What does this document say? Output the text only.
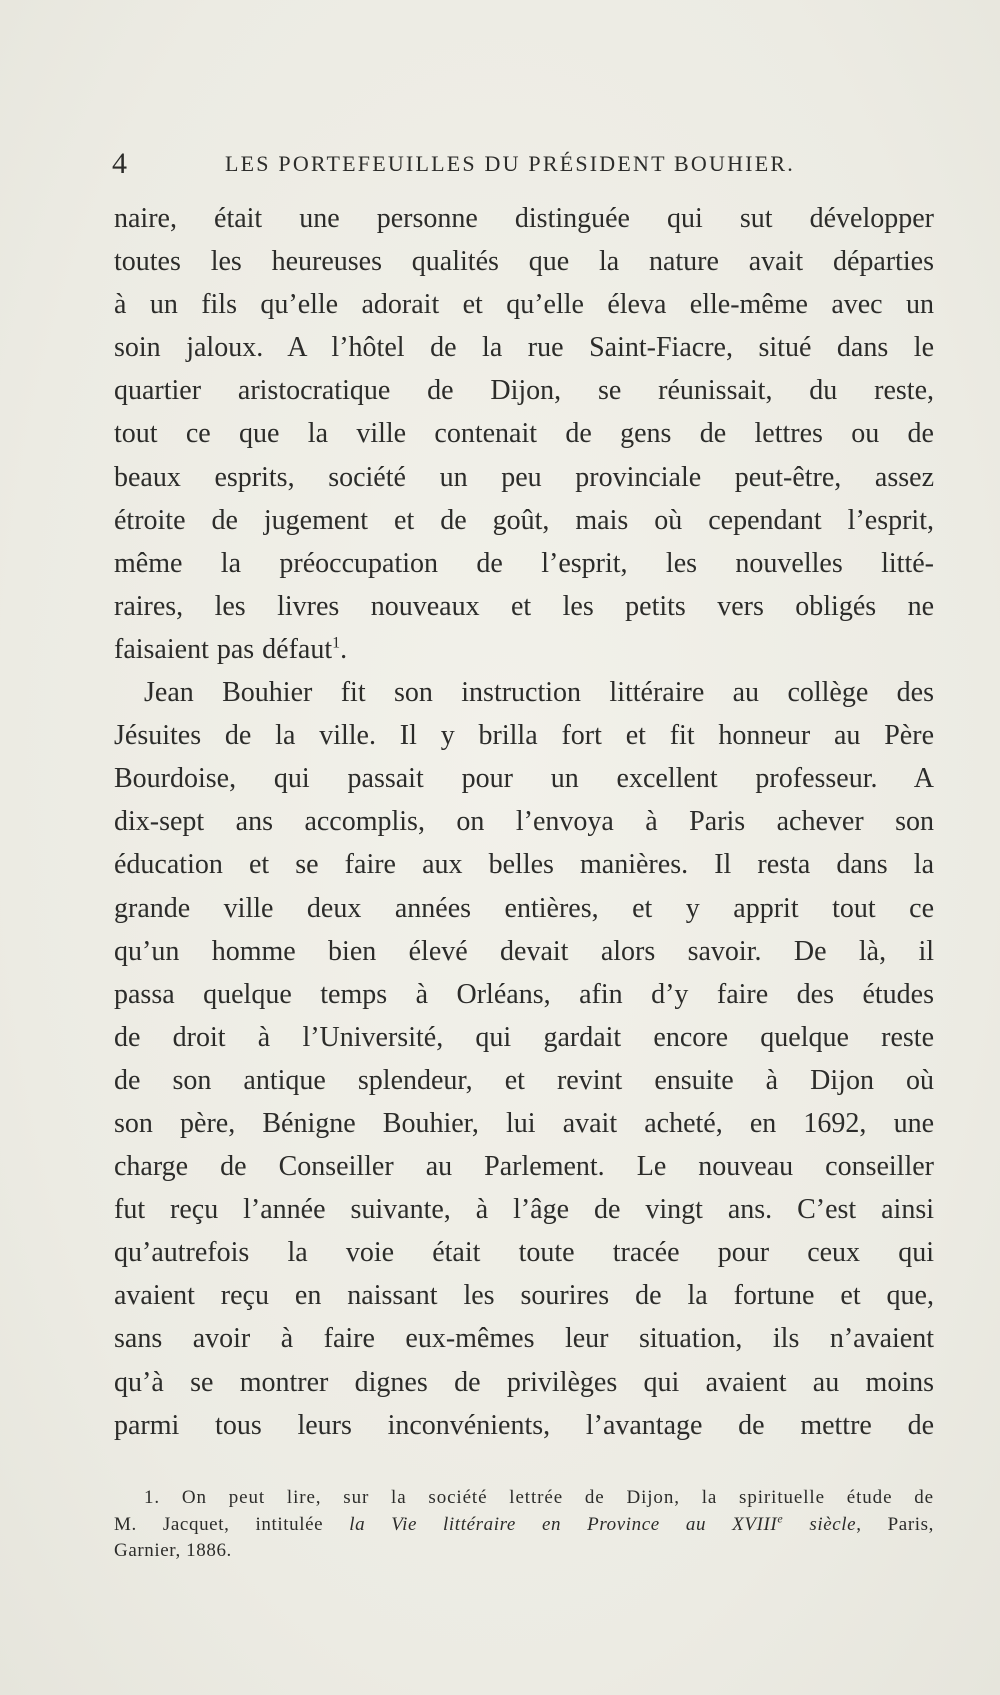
4	LES PORTEFEUILLES DU PRÉSIDENT BOUHIER.
naire, était une personne distinguée qui sut développer
toutes les heureuses qualités que la nature avait départies
à un fils qu’elle adorait et qu’elle éleva elle-même avec un
soin jaloux. A l’hôtel de la rue Saint-Fiacre, situé dans le
quartier aristocratique de Dijon, se réunissait, du reste,
tout ce que la ville contenait de gens de lettres ou de
beaux esprits, société un peu provinciale peut-être, assez
étroite de jugement et de goût, mais où cependant l’esprit,
même la préoccupation de l’esprit, les nouvelles litté-
raires, les livres nouveaux et les petits vers obligés ne
faisaient pas défaut$^1$.
Jean Bouhier fit son instruction littéraire au collège des
Jésuites de la ville. Il y brilla fort et fit honneur au Père
Bourdoise, qui passait pour un excellent professeur. A
dix-sept ans accomplis, on l’envoya à Paris achever son
éducation et se faire aux belles manières. Il resta dans la
grande ville deux années entières, et y apprit tout ce
qu’un homme bien élevé devait alors savoir. De là, il
passa quelque temps à Orléans, afin d’y faire des études
de droit à l’Université, qui gardait encore quelque reste
de son antique splendeur, et revint ensuite à Dijon où
son père, Bénigne Bouhier, lui avait acheté, en 1692, une
charge de Conseiller au Parlement. Le nouveau conseiller
fut reçu l’année suivante, à l’âge de vingt ans. C’est ainsi
qu’autrefois la voie était toute tracée pour ceux qui
avaient reçu en naissant les sourires de la fortune et que,
sans avoir à faire eux-mêmes leur situation, ils n’avaient
qu’à se montrer dignes de privilèges qui avaient au moins
parmi tous leurs inconvénients, l’avantage de mettre de
1. On peut lire, sur la société lettrée de Dijon, la spirituelle étude de
M. Jacquet, intitulée la Vie littéraire en Province au XVIIIe siècle, Paris,
Garnier, 1886.
